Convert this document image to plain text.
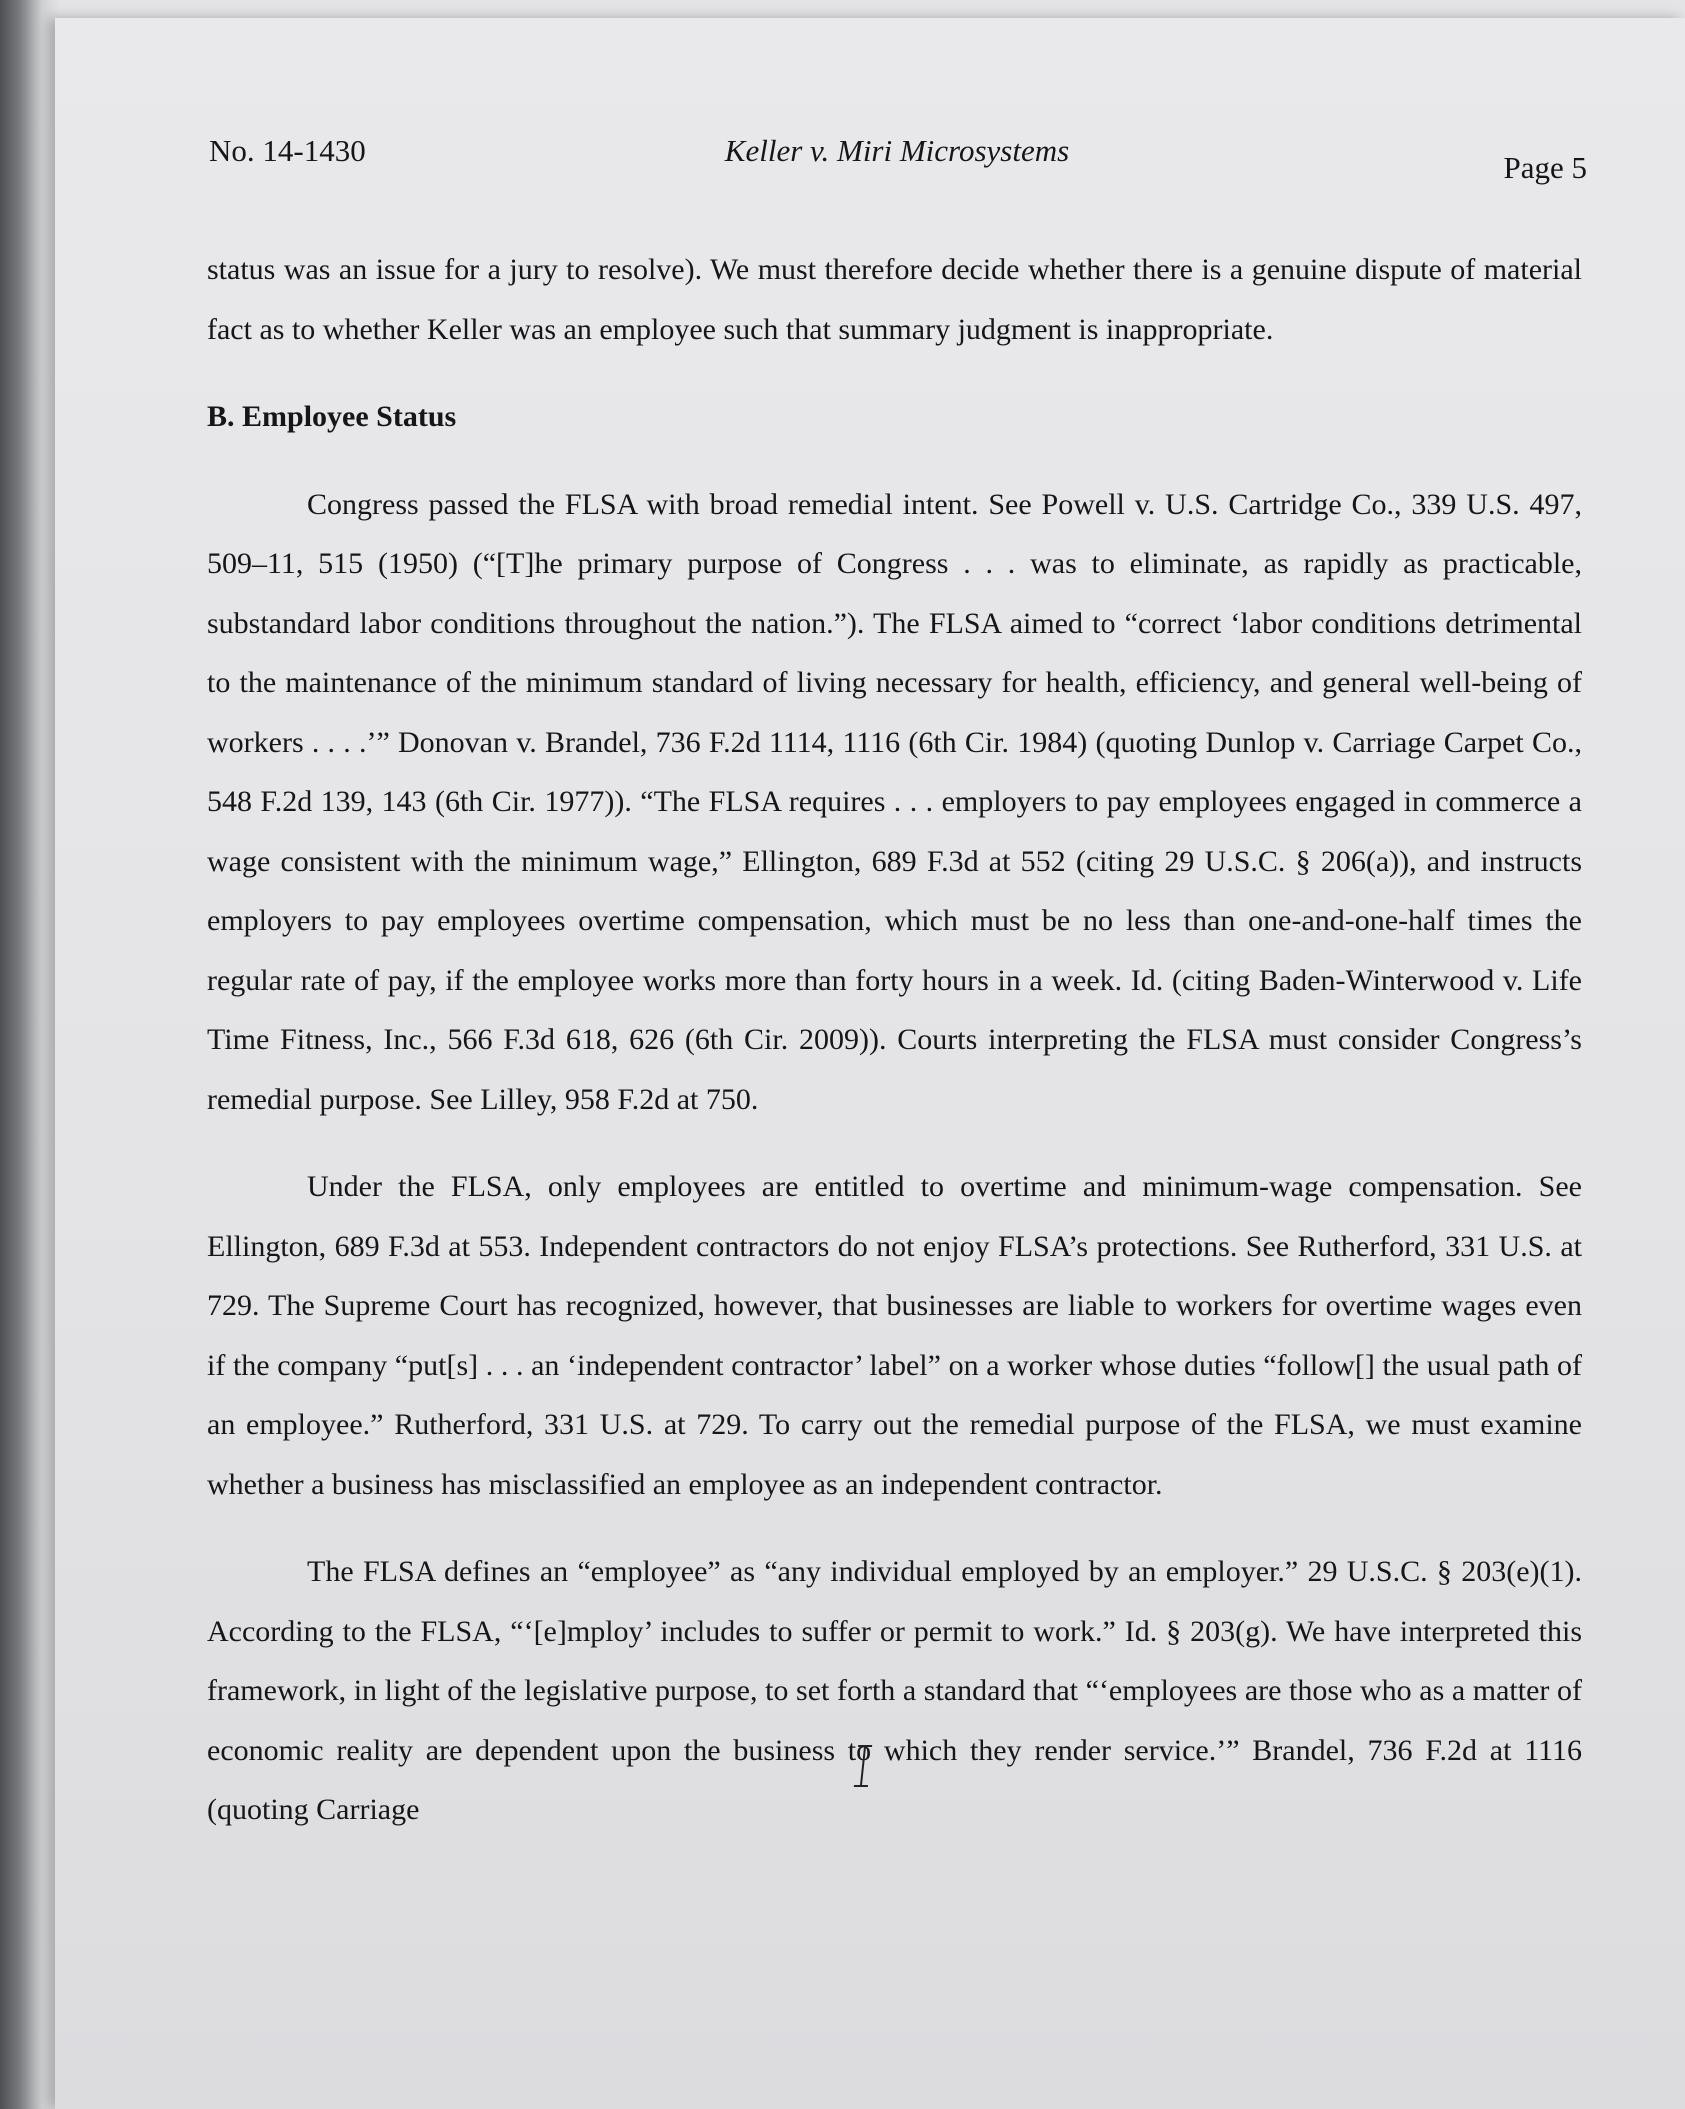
No. 14-1430	Keller v. Miri Microsystems	Page 5

status was an issue for a jury to resolve). We must therefore decide whether there is a genuine dispute of material fact as to whether Keller was an employee such that summary judgment is inappropriate.

B. Employee Status

Congress passed the FLSA with broad remedial intent. See Powell v. U.S. Cartridge Co., 339 U.S. 497, 509–11, 515 (1950) (“[T]he primary purpose of Congress . . . was to eliminate, as rapidly as practicable, substandard labor conditions throughout the nation.”). The FLSA aimed to “correct ‘labor conditions detrimental to the maintenance of the minimum standard of living necessary for health, efficiency, and general well-being of workers . . . .’” Donovan v. Brandel, 736 F.2d 1114, 1116 (6th Cir. 1984) (quoting Dunlop v. Carriage Carpet Co., 548 F.2d 139, 143 (6th Cir. 1977)). “The FLSA requires . . . employers to pay employees engaged in commerce a wage consistent with the minimum wage,” Ellington, 689 F.3d at 552 (citing 29 U.S.C. § 206(a)), and instructs employers to pay employees overtime compensation, which must be no less than one-and-one-half times the regular rate of pay, if the employee works more than forty hours in a week. Id. (citing Baden-Winterwood v. Life Time Fitness, Inc., 566 F.3d 618, 626 (6th Cir. 2009)). Courts interpreting the FLSA must consider Congress’s remedial purpose. See Lilley, 958 F.2d at 750.

Under the FLSA, only employees are entitled to overtime and minimum-wage compensation. See Ellington, 689 F.3d at 553. Independent contractors do not enjoy FLSA’s protections. See Rutherford, 331 U.S. at 729. The Supreme Court has recognized, however, that businesses are liable to workers for overtime wages even if the company “put[s] . . . an ‘independent contractor’ label” on a worker whose duties “follow[] the usual path of an employee.” Rutherford, 331 U.S. at 729. To carry out the remedial purpose of the FLSA, we must examine whether a business has misclassified an employee as an independent contractor.

The FLSA defines an “employee” as “any individual employed by an employer.” 29 U.S.C. § 203(e)(1). According to the FLSA, “‘[e]mploy’ includes to suffer or permit to work.” Id. § 203(g). We have interpreted this framework, in light of the legislative purpose, to set forth a standard that “‘employees are those who as a matter of economic reality are dependent upon the business to which they render service.’” Brandel, 736 F.2d at 1116 (quoting Carriage
